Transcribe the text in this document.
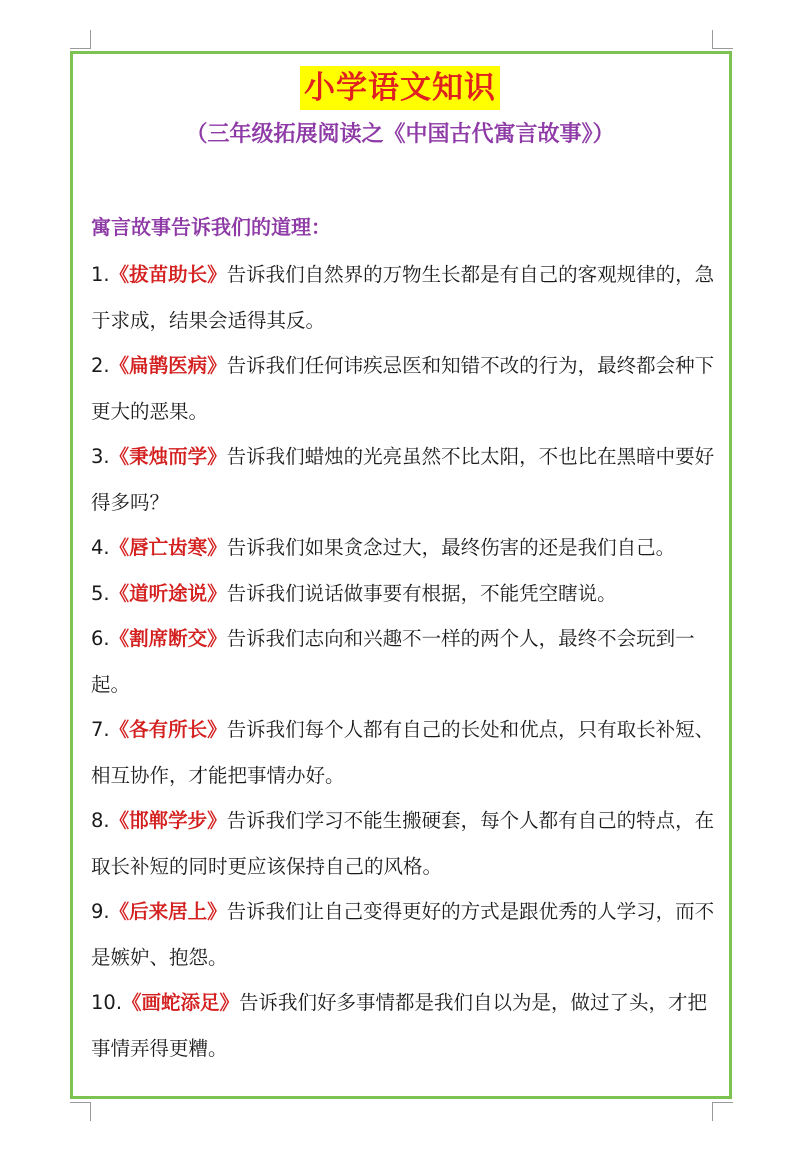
小学语文知识
（三年级拓展阅读之《中国古代寓言故事》）
寓言故事告诉我们的道理：
1.《拔苗助长》告诉我们自然界的万物生长都是有自己的客观规律的，急于求成，结果会适得其反。
2.《扁鹊医病》告诉我们任何讳疾忌医和知错不改的行为，最终都会种下更大的恶果。
3.《秉烛而学》告诉我们蜡烛的光亮虽然不比太阳，不也比在黑暗中要好得多吗？
4.《唇亡齿寒》告诉我们如果贪念过大，最终伤害的还是我们自己。
5.《道听途说》告诉我们说话做事要有根据，不能凭空瞎说。
6.《割席断交》告诉我们志向和兴趣不一样的两个人，最终不会玩到一起。
7.《各有所长》告诉我们每个人都有自己的长处和优点，只有取长补短、相互协作，才能把事情办好。
8.《邯郸学步》告诉我们学习不能生搬硬套，每个人都有自己的特点，在取长补短的同时更应该保持自己的风格。
9.《后来居上》告诉我们让自己变得更好的方式是跟优秀的人学习，而不是嫉妒、抱怨。
10.《画蛇添足》告诉我们好多事情都是我们自以为是，做过了头，才把事情弄得更糟。
